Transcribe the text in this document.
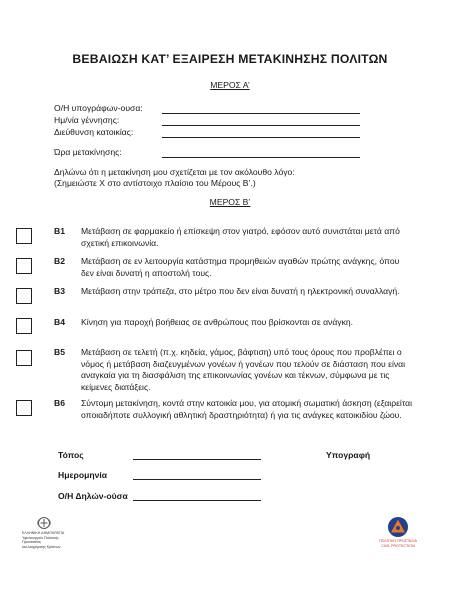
ΒΕΒΑΙΩΣΗ ΚΑΤ’ ΕΞΑΙΡΕΣΗ ΜΕΤΑΚΙΝΗΣΗΣ ΠΟΛΙΤΩΝ
ΜΕΡΟΣ Α’
Ο/Η υπογράφων-ουσα:
Ημ/νία γέννησης:
Διεύθυνση κατοικίας:
Ώρα μετακίνησης:
Δηλώνω ότι η μετακίνηση μου σχετίζεται με τον ακόλουθο λόγο:
(Σημειώστε Χ στο αντίστοιχο πλαίσιο του Μέρους Β’.)
ΜΕΡΟΣ Β’
Β1 Μετάβαση σε φαρμακείο ή επίσκεψη στον γιατρό, εφόσον αυτό συνιστάται μετά από σχετική επικοινωνία.
Β2 Μετάβαση σε εν λειτουργία κατάστημα προμηθειών αγαθών πρώτης ανάγκης, όπου δεν είναι δυνατή η αποστολή τους.
Β3 Μετάβαση στην τράπεζα, στο μέτρο που δεν είναι δυνατή η ηλεκτρονική συναλλαγή.
Β4 Κίνηση για παροχή βοήθειας σε ανθρώπους που βρίσκονται σε ανάγκη.
Β5 Μετάβαση σε τελετή (π.χ. κηδεία, γάμος, βάφτιση) υπό τους όρους που προβλέπει ο νόμος ή μετάβαση διαζευγμένων γονέων ή γονέων που τελούν σε διάσταση που είναι αναγκαία για τη διασφάλιση της επικοινωνίας γονέων και τέκνων, σύμφωνα με τις κείμενες διατάξεις.
Β6 Σύντομη μετακίνηση, κοντά στην κατοικία μου, για ατομική σωματική άσκηση (εξαιρείται οποιαδήποτε συλλογική αθλητική δραστηριότητα) ή για τις ανάγκες κατοικιδίου ζώου.
Τόπος	Υπογραφή
Ημερομηνία
Ο/Η Δηλών-ούσα
ΕΛΛΗΝΙΚΗ ΔΗΜΟΚΡΑΤΙΑ
Υφυπουργείο Πολιτικής Προστασίας
και Διαχείρισης Κρίσεων
ΠΟΛΙΤΙΚΗ ΠΡΟΣΤΑΣΙΑ
CIVIL PROTECTION
